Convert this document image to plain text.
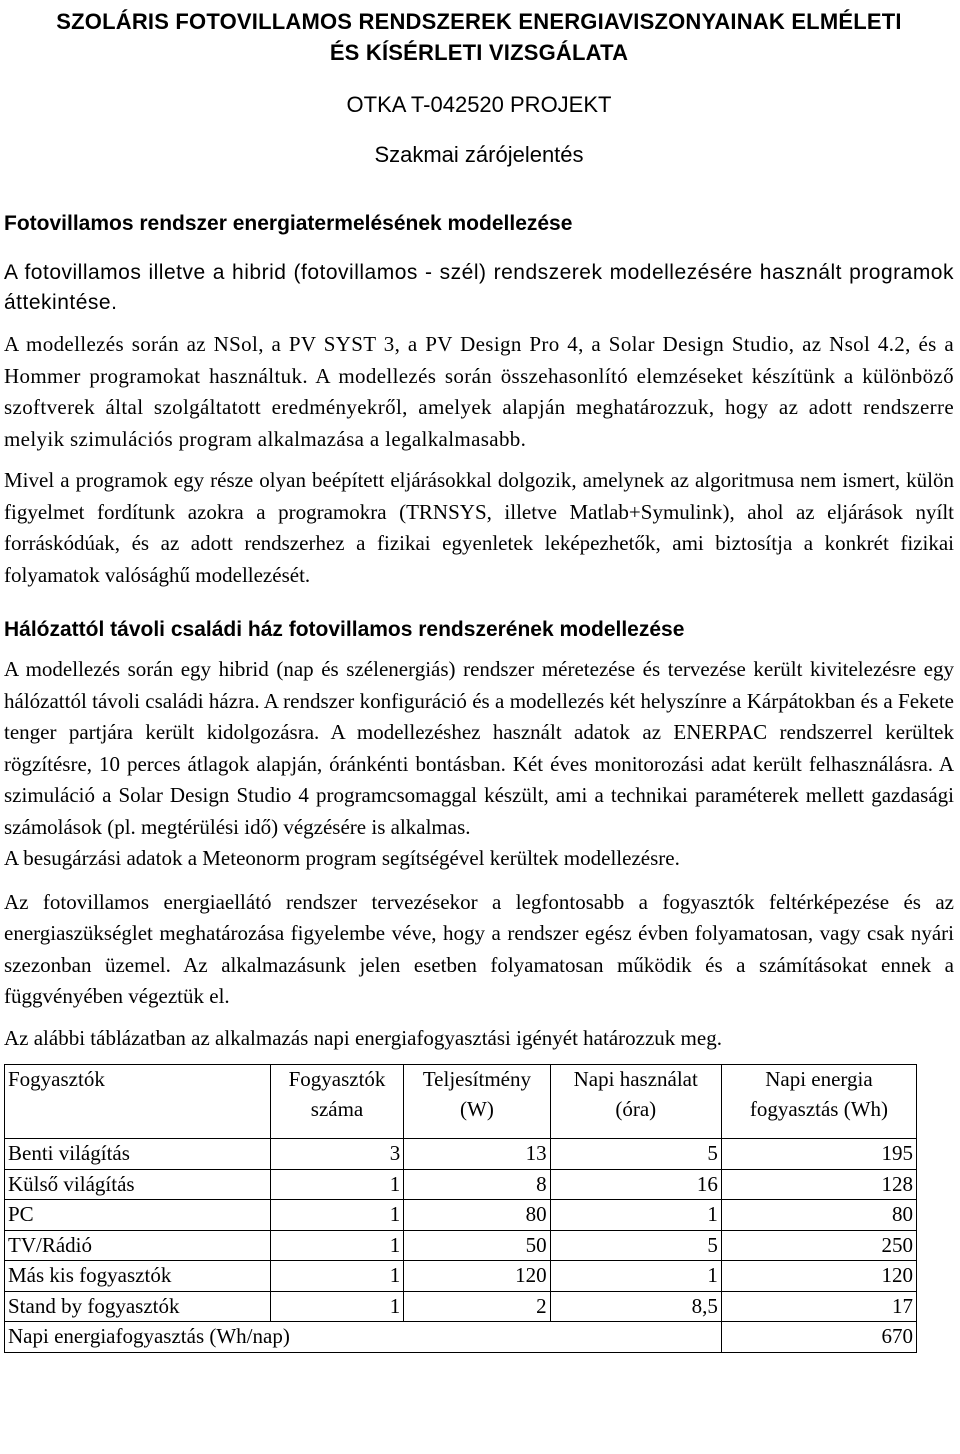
SZOLÁRIS FOTOVILLAMOS RENDSZEREK ENERGIAVISZONYAINAK ELMÉLETI
ÉS KÍSÉRLETI VIZSGÁLATA
OTKA T-042520 PROJEKT
Szakmai zárójelentés
Fotovillamos rendszer energiatermelésének modellezése

A fotovillamos illetve a hibrid (fotovillamos - szél) rendszerek modellezésére használt programok áttekintése.

A modellezés során az NSol, a PV SYST 3, a PV Design Pro 4, a Solar Design Studio, az Nsol 4.2, és a Hommer programokat használtuk. A modellezés során összehasonlító elemzéseket készítünk a különböző szoftverek által szolgáltatott eredményekről, amelyek alapján meghatározzuk, hogy az adott rendszerre melyik szimulációs program alkalmazása a legalkalmasabb.

Mivel a programok egy része olyan beépített eljárásokkal dolgozik, amelynek az algoritmusa nem ismert, külön figyelmet fordítunk azokra a programokra (TRNSYS, illetve Matlab+Symulink), ahol az eljárások nyílt forráskódúak, és az adott rendszerhez a fizikai egyenletek leképezhetők, ami biztosítja a konkrét fizikai folyamatok valósághű modellezését.

Hálózattól távoli családi ház fotovillamos rendszerének modellezése

A modellezés során egy hibrid (nap és szélenergiás) rendszer méretezése és tervezése került kivitelezésre egy hálózattól távoli családi házra. A rendszer konfiguráció és a modellezés két helyszínre a Kárpátokban és a Fekete tenger partjára került kidolgozásra. A modellezéshez használt adatok az ENERPAC rendszerrel kerültek rögzítésre, 10 perces átlagok alapján, óránkénti bontásban. Két éves monitorozási adat került felhasználásra. A szimuláció a Solar Design Studio 4 programcsomaggal készült, ami a technikai paraméterek mellett gazdasági számolások (pl. megtérülési idő) végzésére is alkalmas.

A besugárzási adatok a Meteonorm program segítségével kerültek modellezésre.

Az fotovillamos energiaellátó rendszer tervezésekor a legfontosabb a fogyasztók feltérképezése és az energiaszükséglet meghatározása figyelembe véve, hogy a rendszer egész évben folyamatosan, vagy csak nyári szezonban üzemel. Az alkalmazásunk jelen esetben folyamatosan működik és a számításokat ennek a függvényében végeztük el.

Az alábbi táblázatban az alkalmazás napi energiafogyasztási igényét határozzuk meg.

Fogyasztók	Fogyasztók száma	Teljesítmény (W)	Napi használat (óra)	Napi energia fogyasztás (Wh)
Benti világítás	3	13	5	195
Külső világítás	1	8	16	128
PC	1	80	1	80
TV/Rádió	1	50	5	250
Más kis fogyasztók	1	120	1	120
Stand by fogyasztók	1	2	8,5	17
Napi energiafogyasztás (Wh/nap)				670
